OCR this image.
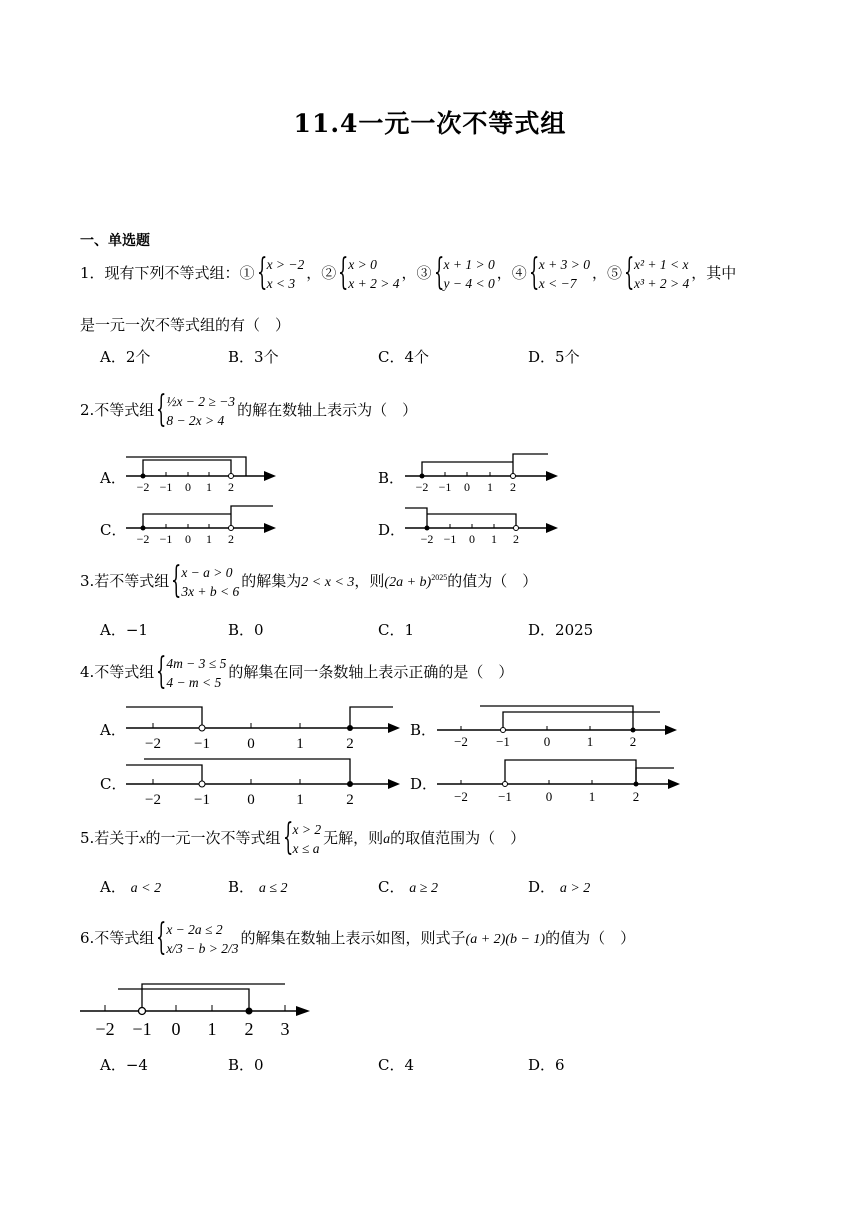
11.4一元一次不等式组
一、单选题
1．现有下列不等式组：① { x > −2
x < 3
，② { x > 0
x + 2 > 4
，③ { x + 1 > 0
y − 4 < 0
，④ { x + 3 > 0
x < −7
，⑤ { x² + 1 < x
x³ + 2 > 4
，其中
是一元一次不等式组的有（　）
A．2个	B．3个	C．4个	D．5个
2.不等式组 { ½x − 2 ≥ −3
8 − 2x > 4
的解在数轴上表示为（　）
A． −2 −1 0 1 2	B． −2 −1 0 1 2
C． −2 −1 0 1 2	D． −2 −1 0 1 2
3.若不等式组 { x − a > 0
3x + b < 6
的解集为2 < x < 3，则$(2a + b)^{2025}$的值为（　）
A．−1	B．0	C．1	D．2025
4.不等式组 { 4m − 3 ≤ 5
4 − m < 5
的解集在同一条数轴上表示正确的是（　）
A．
−2 −1 0	1	2
B．
−2 −1	0	1	2
C．
−2 −1 0	1	2
D．
−2 −1	0	1	2
5.若关于x的一元一次不等式组 { x > 2
x ≤ a
无解，则a的取值范围为（　）
A． a < 2	B． a ≤ 2	C． a ≥ 2	D． a > 2
6.不等式组 { x − 2a ≤ 2
x/3 − b > 2/3
的解集在数轴上表示如图，则式子(a + 2)(b − 1)的值为（　）
−2 −1 0 1 2 3
A．−4	B．0	C．4	D．6
